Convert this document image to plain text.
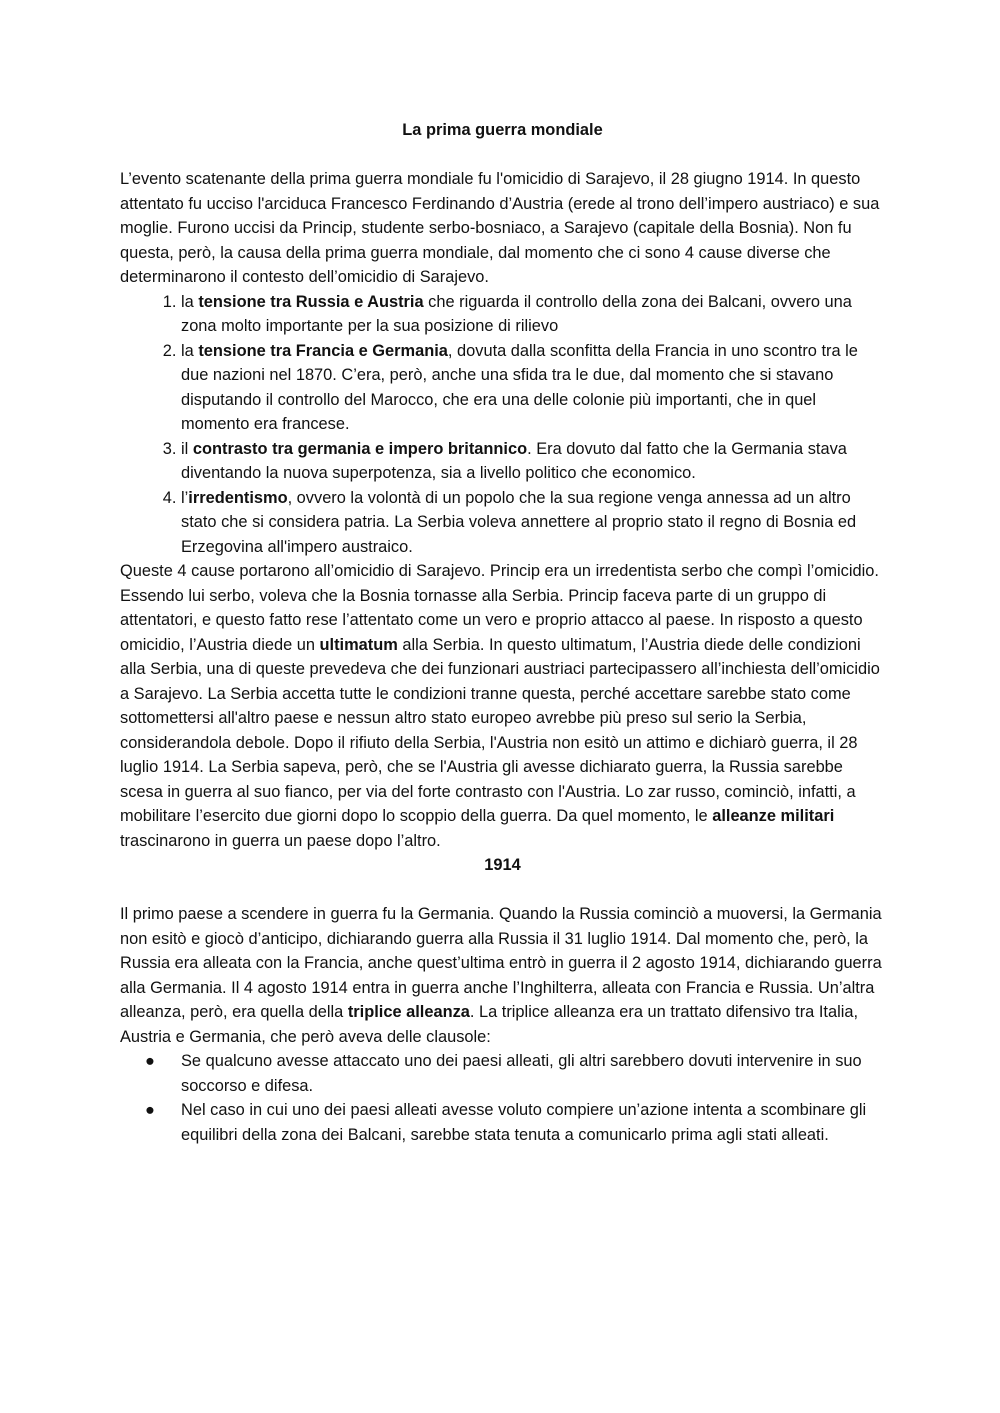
La prima guerra mondiale

L’evento scatenante della prima guerra mondiale fu l'omicidio di Sarajevo, il 28 giugno 1914. In questo attentato fu ucciso l'arciduca Francesco Ferdinando d’Austria (erede al trono dell’impero austriaco) e sua moglie. Furono uccisi da Princip, studente serbo-bosniaco, a Sarajevo (capitale della Bosnia). Non fu questa, però, la causa della prima guerra mondiale, dal momento che ci sono 4 cause diverse che determinarono il contesto dell’omicidio di Sarajevo.

1. la tensione tra Russia e Austria che riguarda il controllo della zona dei Balcani, ovvero una zona molto importante per la sua posizione di rilievo
2. la tensione tra Francia e Germania, dovuta dalla sconfitta della Francia in uno scontro tra le due nazioni nel 1870. C’era, però, anche una sfida tra le due, dal momento che si stavano disputando il controllo del Marocco, che era una delle colonie più importanti, che in quel momento era francese.
3. il contrasto tra germania e impero britannico. Era dovuto dal fatto che la Germania stava diventando la nuova superpotenza, sia a livello politico che economico.
4. l’irredentismo, ovvero la volontà di un popolo che la sua regione venga annessa ad un altro stato che si considera patria. La Serbia voleva annettere al proprio stato il regno di Bosnia ed Erzegovina all'impero austraico.

Queste 4 cause portarono all’omicidio di Sarajevo. Princip era un irredentista serbo che compì l’omicidio. Essendo lui serbo, voleva che la Bosnia tornasse alla Serbia. Princip faceva parte di un gruppo di attentatori, e questo fatto rese l’attentato come un vero e proprio attacco al paese. In risposto a questo omicidio, l’Austria diede un ultimatum alla Serbia. In questo ultimatum, l’Austria diede delle condizioni alla Serbia, una di queste prevedeva che dei funzionari austriaci partecipassero all’inchiesta dell’omicidio a Sarajevo. La Serbia accetta tutte le condizioni tranne questa, perché accettare sarebbe stato come sottomettersi all'altro paese e nessun altro stato europeo avrebbe più preso sul serio la Serbia, considerandola debole. Dopo il rifiuto della Serbia, l'Austria non esitò un attimo e dichiarò guerra, il 28 luglio 1914. La Serbia sapeva, però, che se l'Austria gli avesse dichiarato guerra, la Russia sarebbe scesa in guerra al suo fianco, per via del forte contrasto con l'Austria. Lo zar russo, cominciò, infatti, a mobilitare l’esercito due giorni dopo lo scoppio della guerra. Da quel momento, le alleanze militari trascinarono in guerra un paese dopo l’altro.

1914

Il primo paese a scendere in guerra fu la Germania. Quando la Russia cominciò a muoversi, la Germania non esitò e giocò d’anticipo, dichiarando guerra alla Russia il 31 luglio 1914. Dal momento che, però, la Russia era alleata con la Francia, anche quest’ultima entrò in guerra il 2 agosto 1914, dichiarando guerra alla Germania. Il 4 agosto 1914 entra in guerra anche l’Inghilterra, alleata con Francia e Russia. Un’altra alleanza, però, era quella della triplice alleanza. La triplice alleanza era un trattato difensivo tra Italia, Austria e Germania, che però aveva delle clausole:

● Se qualcuno avesse attaccato uno dei paesi alleati, gli altri sarebbero dovuti intervenire in suo soccorso e difesa.
● Nel caso in cui uno dei paesi alleati avesse voluto compiere un’azione intenta a scombinare gli equilibri della zona dei Balcani, sarebbe stata tenuta a comunicarlo prima agli stati alleati.
